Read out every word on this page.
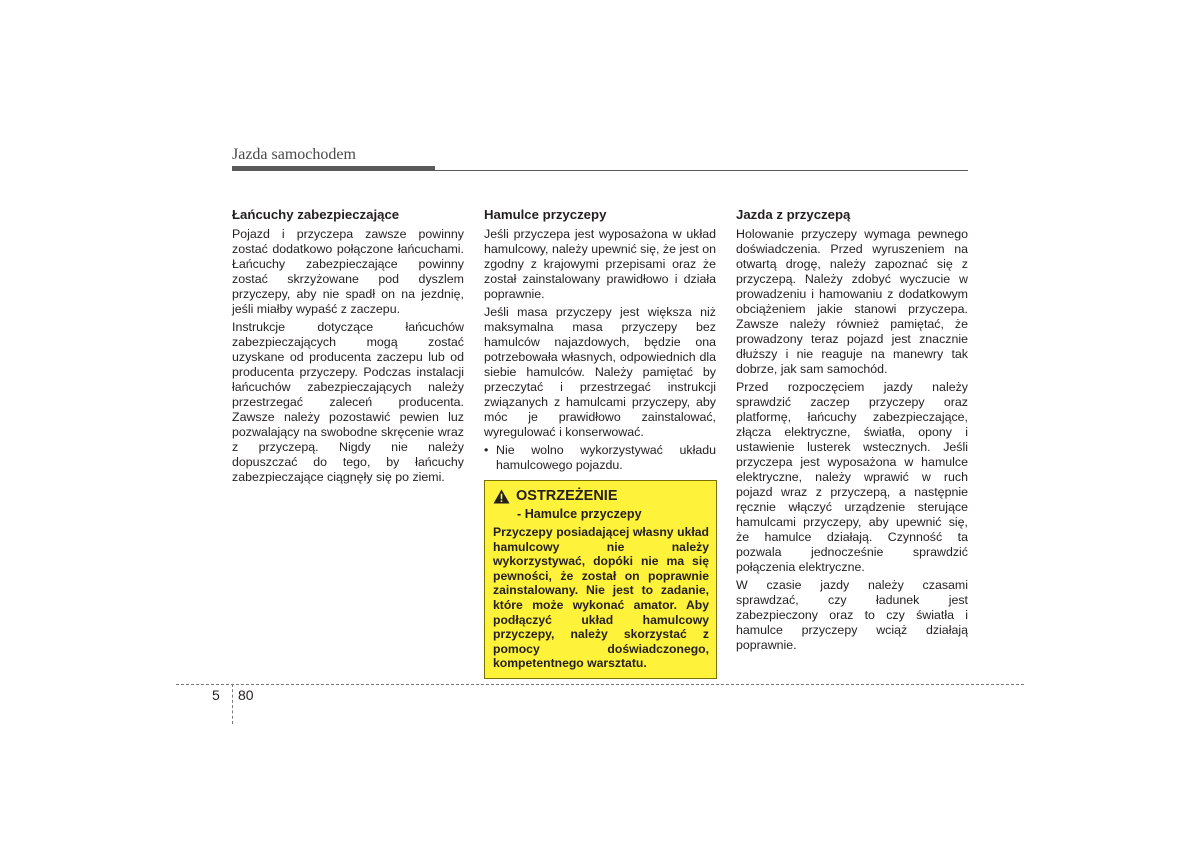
Jazda samochodem
Łańcuchy zabezpieczające
Pojazd i przyczepa zawsze powinny zostać dodatkowo połączone łańcuchami. Łańcuchy zabezpieczające powinny zostać skrzyżowane pod dyszlem przyczepy, aby nie spadł on na jezdnię, jeśli miałby wypaść z zaczepu.
Instrukcje dotyczące łańcuchów zabezpieczających mogą zostać uzyskane od producenta zaczepu lub od producenta przyczepy. Podczas instalacji łańcuchów zabezpieczających należy przestrzegać zaleceń producenta. Zawsze należy pozostawić pewien luz pozwalający na swobodne skręcenie wraz z przyczepą. Nigdy nie należy dopuszczać do tego, by łańcuchy zabezpieczające ciągnęły się po ziemi.
Hamulce przyczepy
Jeśli przyczepa jest wyposażona w układ hamulcowy, należy upewnić się, że jest on zgodny z krajowymi przepisami oraz że został zainstalowany prawidłowo i działa poprawnie.
Jeśli masa przyczepy jest większa niż maksymalna masa przyczepy bez hamulców najazdowych, będzie ona potrzebowała własnych, odpowiednich dla siebie hamulców. Należy pamiętać by przeczytać i przestrzegać instrukcji związanych z hamulcami przyczepy, aby móc je prawidłowo zainstalować, wyregulować i konserwować.
• Nie wolno wykorzystywać układu hamulcowego pojazdu.
OSTRZEŻENIE
- Hamulce przyczepy
Przyczepy posiadającej własny układ hamulcowy nie należy wykorzystywać, dopóki nie ma się pewności, że został on poprawnie zainstalowany. Nie jest to zadanie, które może wykonać amator. Aby podłączyć układ hamulcowy przyczepy, należy skorzystać z pomocy doświadczonego, kompetentnego warsztatu.
Jazda z przyczepą
Holowanie przyczepy wymaga pewnego doświadczenia. Przed wyruszeniem na otwartą drogę, należy zapoznać się z przyczepą. Należy zdobyć wyczucie w prowadzeniu i hamowaniu z dodatkowym obciążeniem jakie stanowi przyczepa. Zawsze należy również pamiętać, że prowadzony teraz pojazd jest znacznie dłuższy i nie reaguje na manewry tak dobrze, jak sam samochód.
Przed rozpoczęciem jazdy należy sprawdzić zaczep przyczepy oraz platformę, łańcuchy zabezpieczające, złącza elektryczne, światła, opony i ustawienie lusterek wstecznych. Jeśli przyczepa jest wyposażona w hamulce elektryczne, należy wprawić w ruch pojazd wraz z przyczepą, a następnie ręcznie włączyć urządzenie sterujące hamulcami przyczepy, aby upewnić się, że hamulce działają. Czynność ta pozwala jednocześnie sprawdzić połączenia elektryczne.
W czasie jazdy należy czasami sprawdzać, czy ładunek jest zabezpieczony oraz to czy światła i hamulce przyczepy wciąż działają poprawnie.
5 80
